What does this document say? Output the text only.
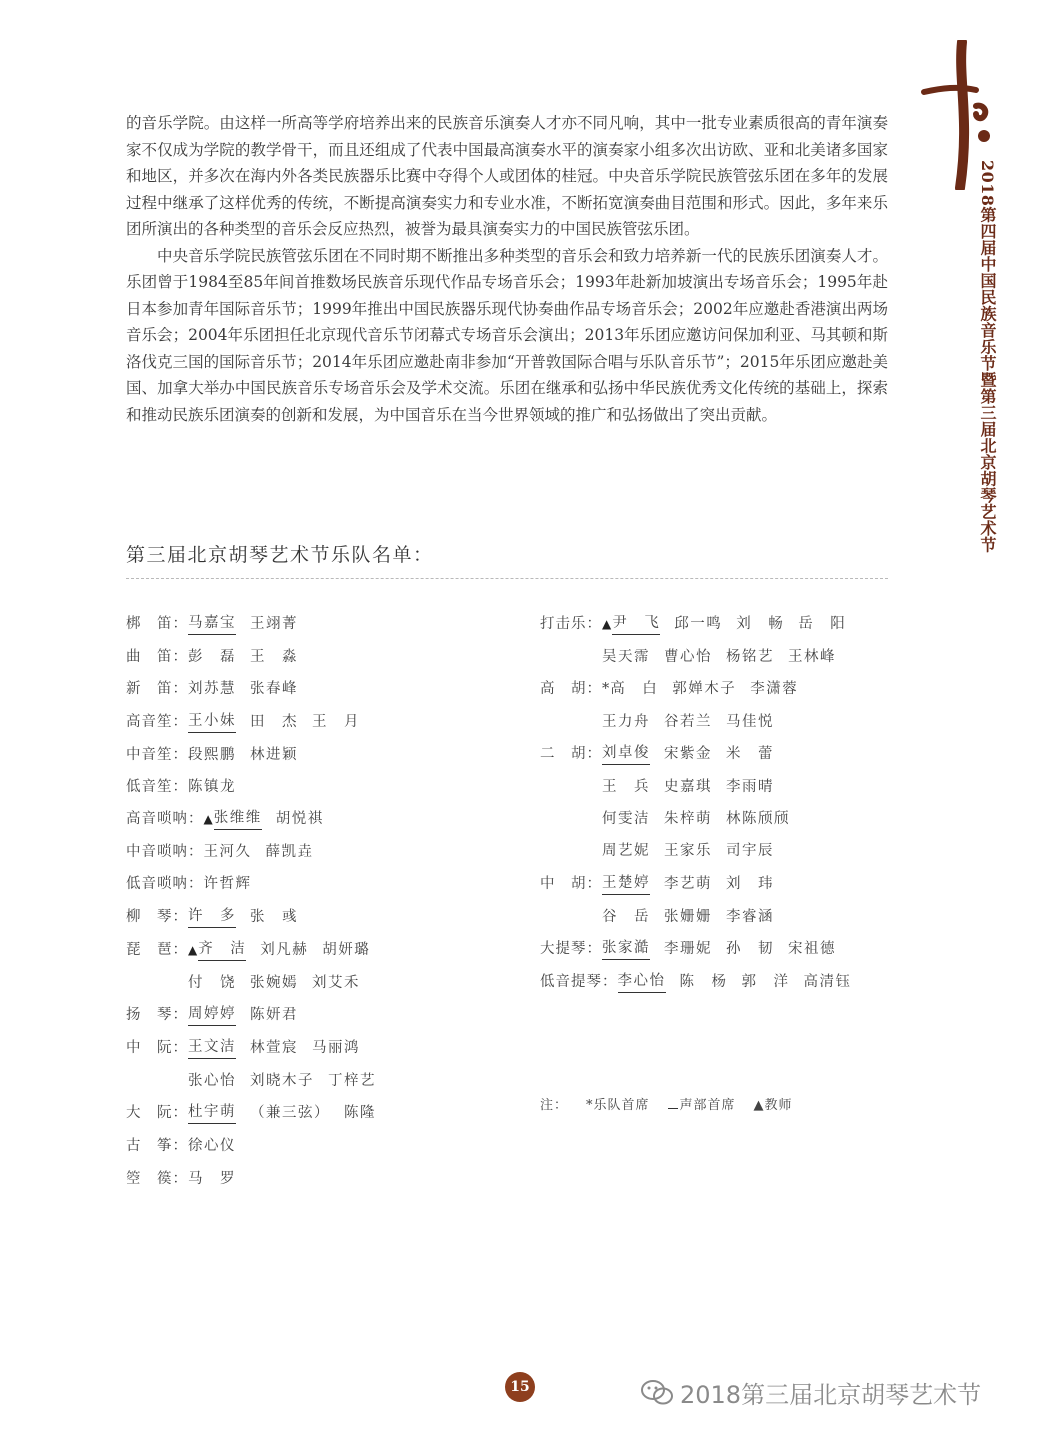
2018第四届中国民族音乐节暨第三届北京胡琴艺术节

的音乐学院。由这样一所高等学府培养出来的民族音乐演奏人才亦不同凡响，其中一批专业素质很高的青年演奏家不仅成为学院的教学骨干，而且还组成了代表中国最高演奏水平的演奏家小组多次出访欧、亚和北美诸多国家和地区，并多次在海内外各类民族器乐比赛中夺得个人或团体的桂冠。中央音乐学院民族管弦乐团在多年的发展过程中继承了这样优秀的传统，不断提高演奏实力和专业水准，不断拓宽演奏曲目范围和形式。因此，多年来乐团所演出的各种类型的音乐会反应热烈，被誉为最具演奏实力的中国民族管弦乐团。

中央音乐学院民族管弦乐团在不同时期不断推出多种类型的音乐会和致力培养新一代的民族乐团演奏人才。乐团曾于1984至85年间首推数场民族音乐现代作品专场音乐会；1993年赴新加坡演出专场音乐会；1995年赴日本参加青年国际音乐节；1999年推出中国民族器乐现代协奏曲作品专场音乐会；2002年应邀赴香港演出两场音乐会；2004年乐团担任北京现代音乐节闭幕式专场音乐会演出；2013年乐团应邀访问保加利亚、马其顿和斯洛伐克三国的国际音乐节；2014年乐团应邀赴南非参加“开普敦国际合唱与乐队音乐节”；2015年乐团应邀赴美国、加拿大举办中国民族音乐专场音乐会及学术交流。乐团在继承和弘扬中华民族优秀文化传统的基础上，探索和推动民族乐团演奏的创新和发展，为中国音乐在当今世界领域的推广和弘扬做出了突出贡献。

第三届北京胡琴艺术节乐队名单：
梆　笛： 马嘉宝 王翊菁
曲　笛： 彭　磊 王　淼
新　笛： 刘苏慧 张春峰
高音笙： 王小妹 田　杰 王　月
中音笙： 段熙鹏 林进颖
低音笙： 陈镇龙
高音唢呐： ▲ 张维维 胡悦祺
中音唢呐： 王河久 薛凯垚
低音唢呐： 许哲辉
柳　琴： 许　多 张　彧
琵　琶： ▲ 齐　洁 刘凡赫 胡妍璐
付　饶 张婉嫣 刘艾禾
扬　琴： 周婷婷 陈妍君
中　阮： 王文洁 林萱宸 马丽鸿
张心怡 刘晓木子 丁梓艺
大　阮： 杜宇萌 （兼三弦） 陈隆
古　筝： 徐心仪
箜　篌： 马　罗
打击乐： ▲ 尹　飞 邱一鸣 刘　畅 岳　阳
吴天霈 曹心怡 杨铭艺 王林峰
高　胡： *高　白 郭婵木子 李潇蓉
王力舟 谷若兰 马佳悦
二　胡： 刘卓俊 宋紫金 米　蕾
王　兵 史嘉琪 李雨晴
何雯洁 朱梓萌 林陈颀颀
周艺妮 王家乐 司宇辰
中　胡： 王楚婷 李艺萌 刘　玮
谷　岳 张姗姗 李睿涵
大提琴： 张家澔 李珊妮 孙　韧 宋祖德
低音提琴： 李心怡 陈　杨 郭　洋 高清钰
注： *乐队首席	声部首席 ▲教师
15	2018第三届北京胡琴艺术节
